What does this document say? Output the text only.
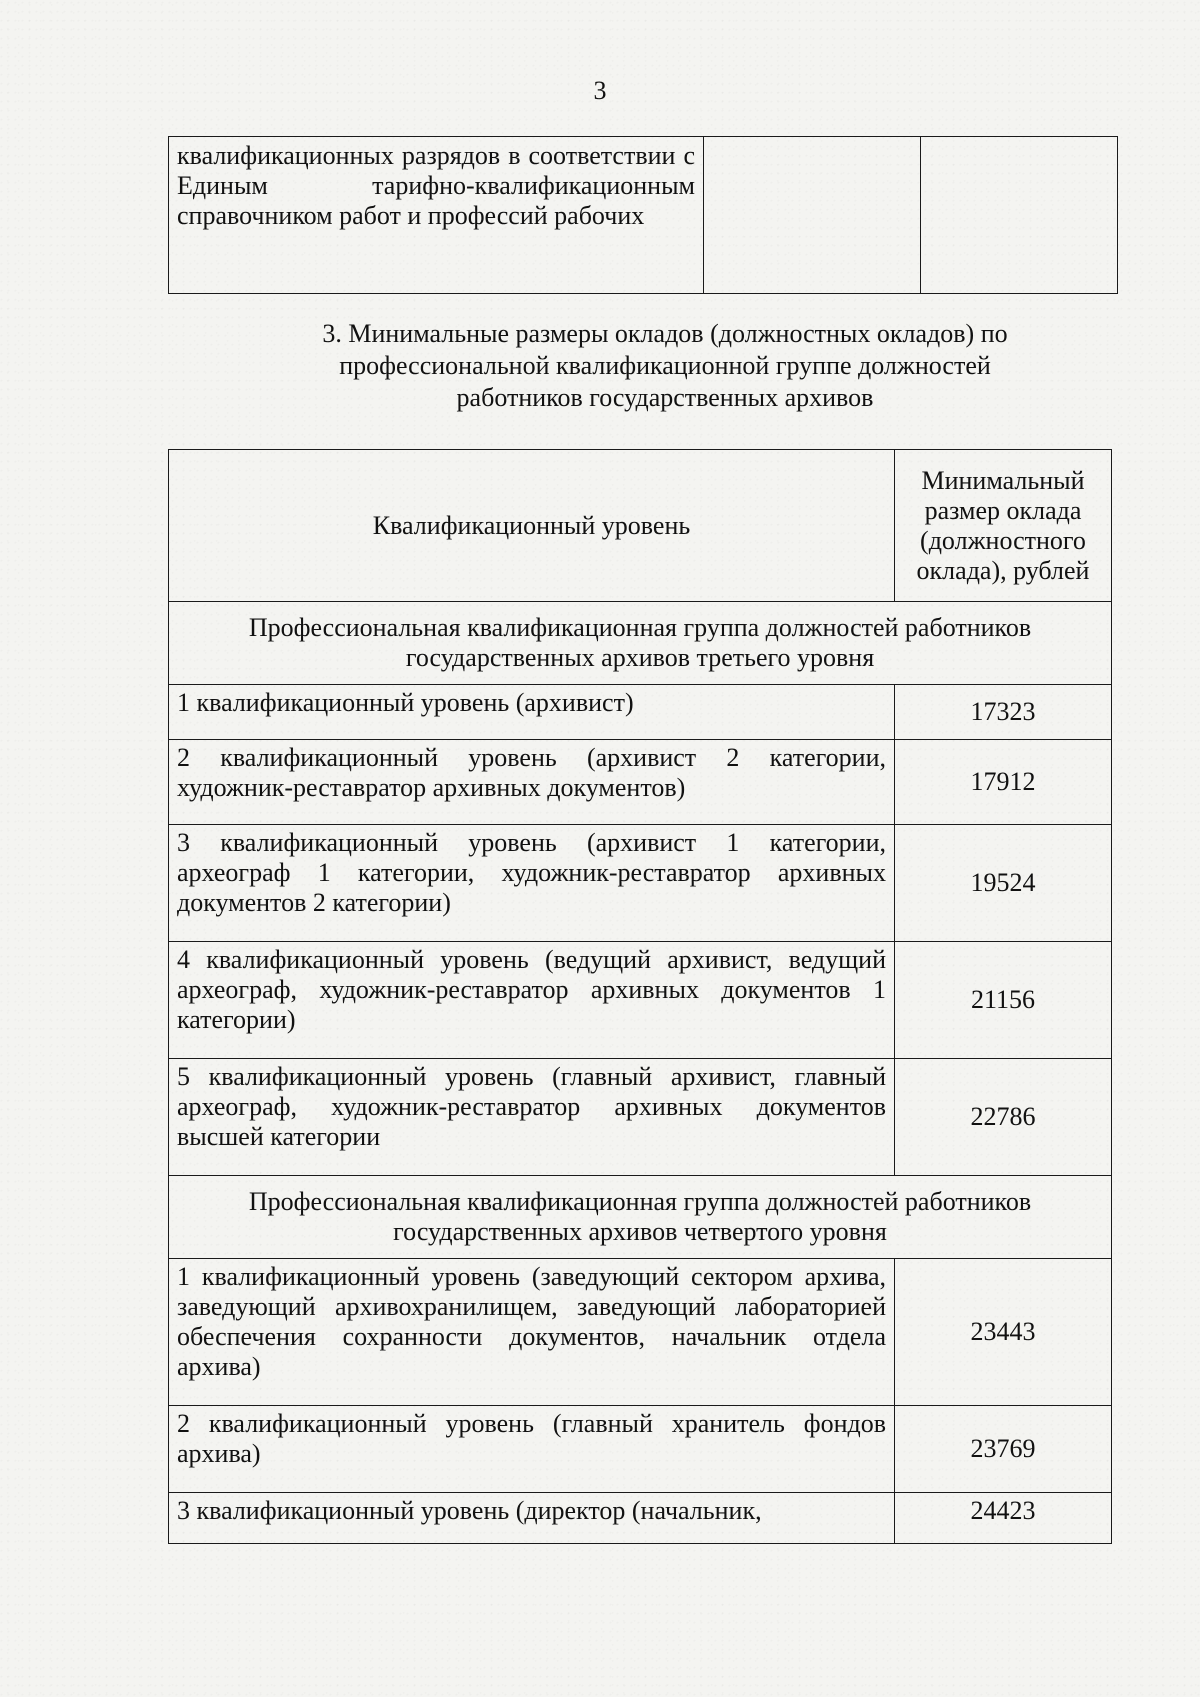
3
квалификационных разрядов в соответствии с Единым тарифно-квалификационным справочником работ и профессий рабочих		
3. Минимальные размеры окладов (должностных окладов) по
профессиональной квалификационной группе должностей
работников государственных архивов
Квалификационный уровень	Минимальный размер оклада (должностного оклада), рублей
Профессиональная квалификационная группа должностей работников государственных архивов третьего уровня	
1 квалификационный уровень (архивист)	17323
2 квалификационный уровень (архивист 2 категории, художник-реставратор архивных документов)	17912
3 квалификационный уровень (архивист 1 категории, археограф 1 категории, художник-реставратор архивных документов 2 категории)	19524
4 квалификационный уровень (ведущий архивист, ведущий археограф, художник-реставратор архивных документов 1 категории)	21156
5 квалификационный уровень (главный архивист, главный археограф, художник-реставратор архивных документов высшей категории	22786
Профессиональная квалификационная группа должностей работников государственных архивов четвертого уровня	
1 квалификационный уровень (заведующий сектором архива, заведующий архивохранилищем, заведующий лабораторией обеспечения сохранности документов, начальник отдела архива)	23443
2 квалификационный уровень (главный хранитель фондов архива)	23769
3 квалификационный уровень (директор (начальник,	24423
